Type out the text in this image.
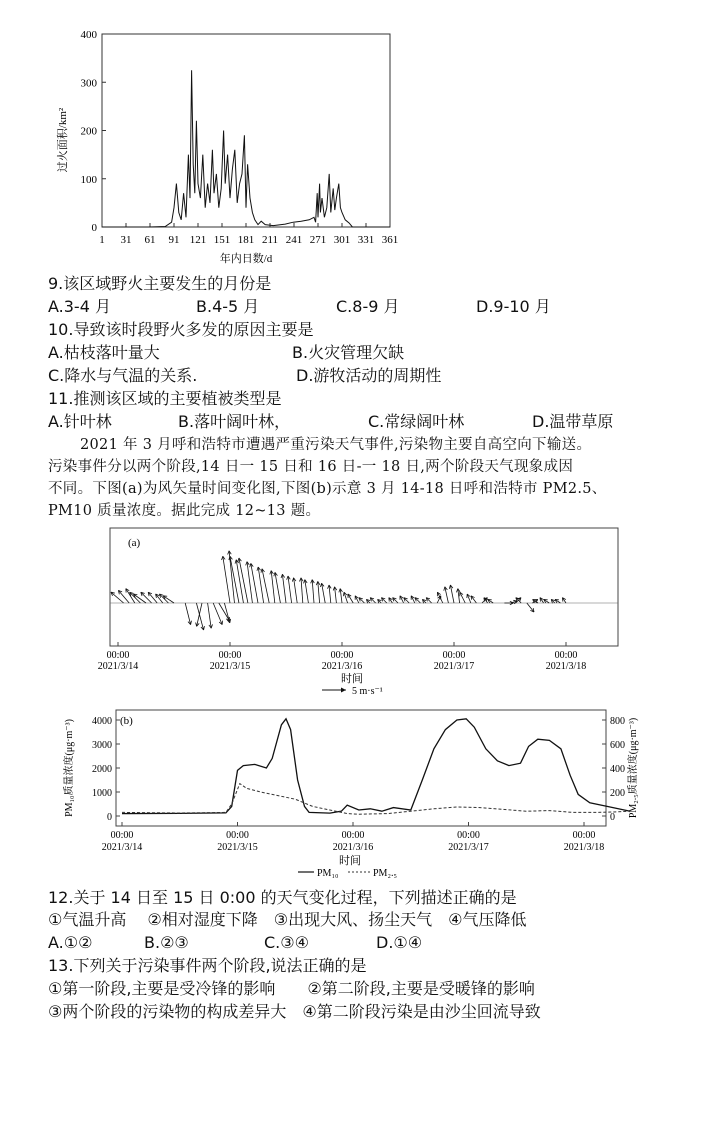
过火面积/km²
0
100
200
300
400
1 31 61 91 121 151 181 211 241 271 301 331 361
年内日数/d
9.该区域野火主要发生的月份是
A.3-4 月	B.4-5 月	C.8-9 月	D.9-10 月
10.导致该时段野火多发的原因主要是
A.枯枝落叶量大	B.火灾管理欠缺
C.降水与气温的关系.	D.游牧活动的周期性
11.推测该区域的主要植被类型是
A.针叶林	B.落叶阔叶林，	C.常绿阔叶林	D.温带草原
2021 年 3 月呼和浩特市遭遇严重污染天气事件,污染物主要自高空向下输送。
污染事件分以两个阶段,14 日一 15 日和 16 日-一 18 日,两个阶段天气现象成因
不同。下图(a)为风矢量时间变化图,下图(b)示意 3 月 14-18 日呼和浩特市 PM2.5、
PM10 质量浓度。据此完成 12~13 题。
(a)
00:00
2021/3/14
00:00
2021/3/15
00:00
2021/3/16
00:00
2021/3/17
00:00
2021/3/18
时间
5 m·s⁻¹
(b)
PM₁₀质量浓度(μg·m⁻³)	PM₂.₅质量浓度(μg·m⁻³)
0
1000
2000
3000
4000
0
200
400
600
800
00:00
2021/3/14
00:00
2021/3/15
00:00
2021/3/16
00:00
2021/3/17
00:00
2021/3/18
时间
PM₁₀	PM₂.₅
12.关于 14 日至 15 日 0:00 的天气变化过程，下列描述正确的是
①气温升高　 ②相对湿度下降　③出现大风、扬尘天气　④气压降低
A.①②	B.②③	C.③④	D.①④
13.下列关于污染事件两个阶段,说法正确的是
①第一阶段,主要是受冷锋的影响　　②第二阶段,主要是受暖锋的影响
③两个阶段的污染物的构成差异大　④第二阶段污染是由沙尘回流导致
